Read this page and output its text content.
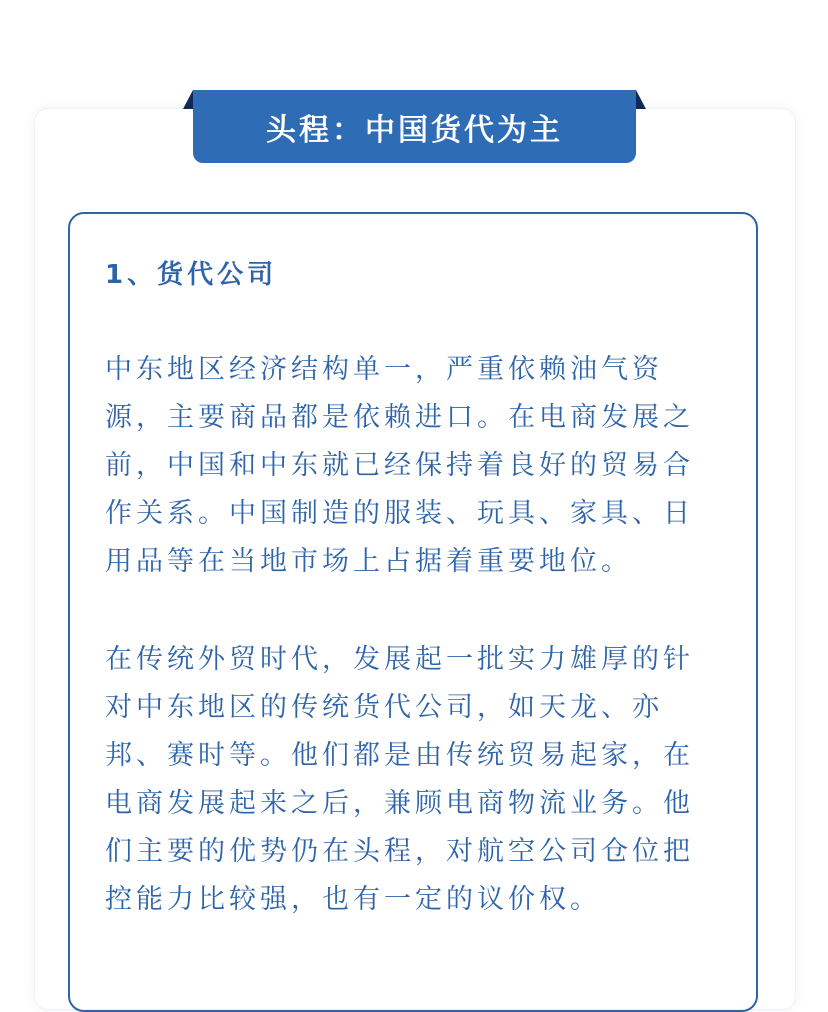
头程：中国货代为主
1、货代公司
中东地区经济结构单一，严重依赖油气资
源，主要商品都是依赖进口。在电商发展之
前，中国和中东就已经保持着良好的贸易合
作关系。中国制造的服装、玩具、家具、日
用品等在当地市场上占据着重要地位。
在传统外贸时代，发展起一批实力雄厚的针
对中东地区的传统货代公司，如天龙、亦
邦、赛时等。他们都是由传统贸易起家，在
电商发展起来之后，兼顾电商物流业务。他
们主要的优势仍在头程，对航空公司仓位把
控能力比较强，也有一定的议价权。
